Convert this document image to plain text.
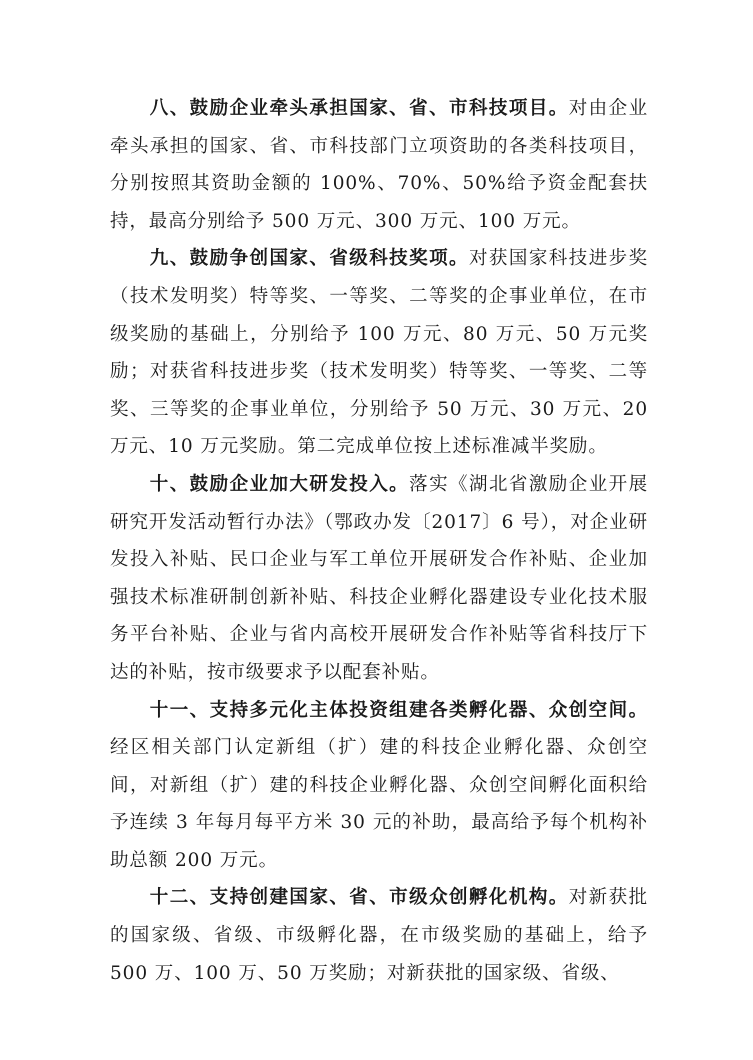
八、鼓励企业牵头承担国家、省、市科技项目。对由企业牵头承担的国家、省、市科技部门立项资助的各类科技项目，分别按照其资助金额的 100%、70%、50%给予资金配套扶持，最高分别给予 500 万元、300 万元、100 万元。

九、鼓励争创国家、省级科技奖项。对获国家科技进步奖（技术发明奖）特等奖、一等奖、二等奖的企事业单位，在市级奖励的基础上，分别给予 100 万元、80 万元、50 万元奖励；对获省科技进步奖（技术发明奖）特等奖、一等奖、二等奖、三等奖的企事业单位，分别给予 50 万元、30 万元、20 万元、10 万元奖励。第二完成单位按上述标准减半奖励。

十、鼓励企业加大研发投入。落实《湖北省激励企业开展研究开发活动暂行办法》（鄂政办发〔2017〕6 号），对企业研发投入补贴、民口企业与军工单位开展研发合作补贴、企业加强技术标准研制创新补贴、科技企业孵化器建设专业化技术服务平台补贴、企业与省内高校开展研发合作补贴等省科技厅下达的补贴，按市级要求予以配套补贴。

十一、支持多元化主体投资组建各类孵化器、众创空间。经区相关部门认定新组（扩）建的科技企业孵化器、众创空间，对新组（扩）建的科技企业孵化器、众创空间孵化面积给予连续 3 年每月每平方米 30 元的补助，最高给予每个机构补助总额 200 万元。

十二、支持创建国家、省、市级众创孵化机构。对新获批的国家级、省级、市级孵化器，在市级奖励的基础上，给予 500 万、100 万、50 万奖励；对新获批的国家级、省级、
